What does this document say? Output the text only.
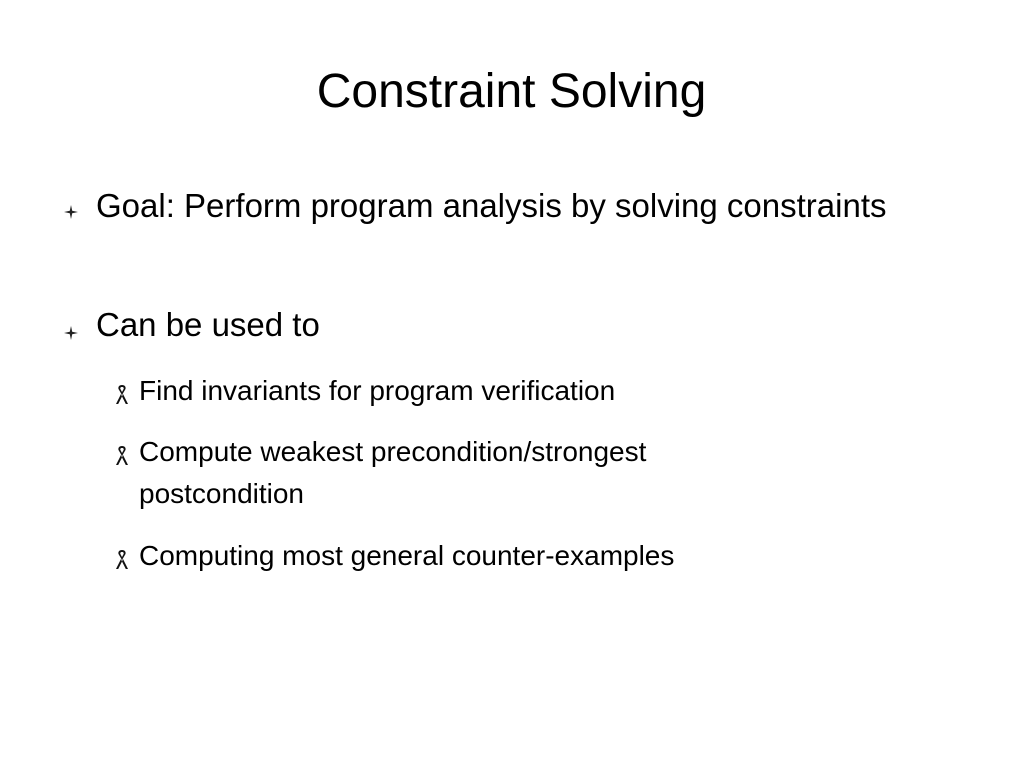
Constraint Solving
Goal: Perform program analysis by solving constraints
Can be used to
Find invariants for program verification
Compute weakest precondition/strongest postcondition
Computing most general counter-examples
